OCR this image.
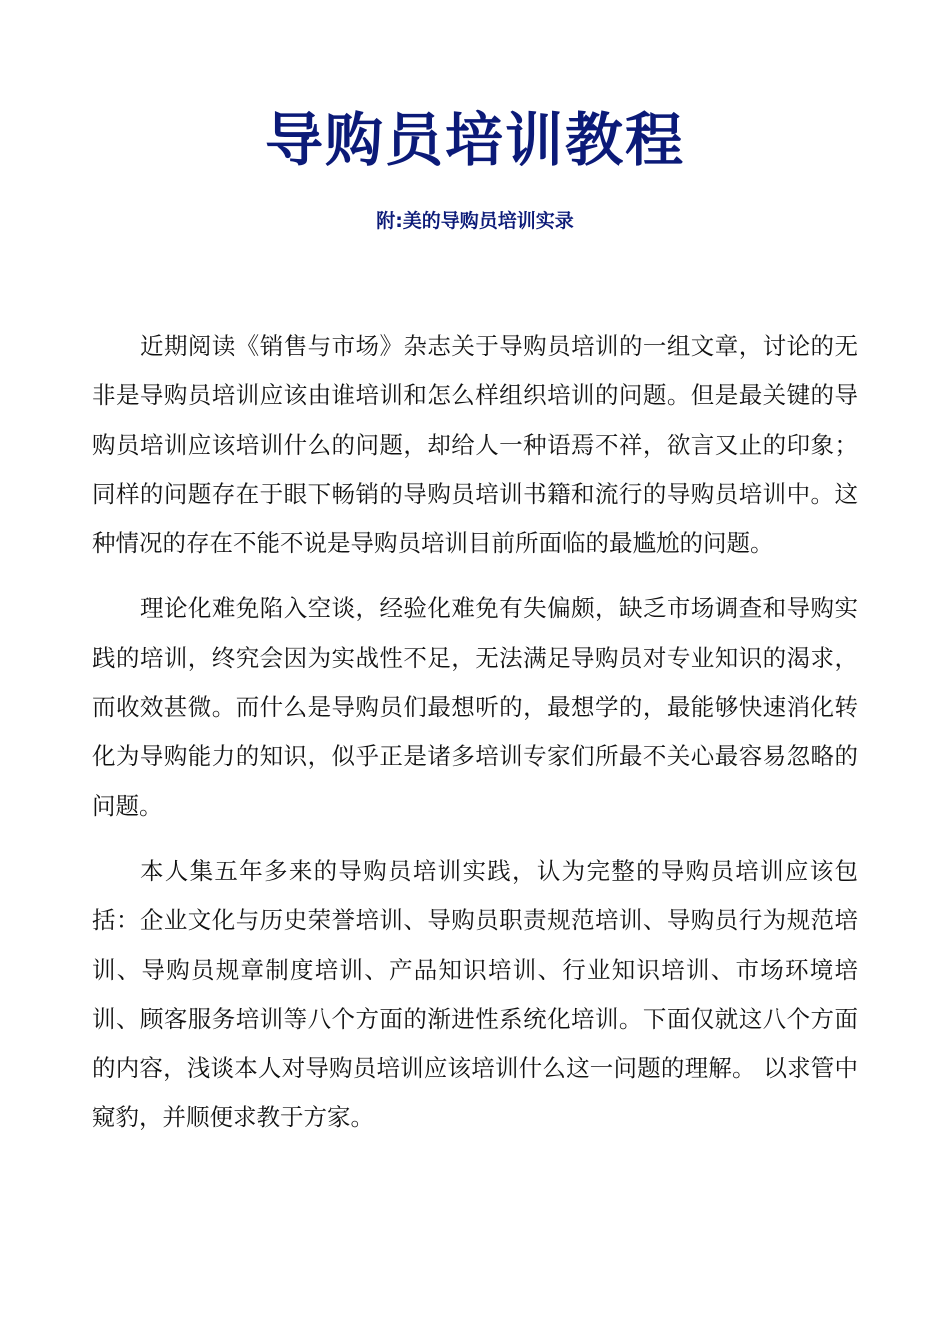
导购员培训教程
附:美的导购员培训实录

近期阅读《销售与市场》杂志关于导购员培训的一组文章，讨论的无非是导购员培训应该由谁培训和怎么样组织培训的问题。但是最关键的导购员培训应该培训什么的问题，却给人一种语焉不祥，欲言又止的印象；同样的问题存在于眼下畅销的导购员培训书籍和流行的导购员培训中。这种情况的存在不能不说是导购员培训目前所面临的最尴尬的问题。

理论化难免陷入空谈，经验化难免有失偏颇，缺乏市场调查和导购实践的培训，终究会因为实战性不足，无法满足导购员对专业知识的渴求，而收效甚微。而什么是导购员们最想听的，最想学的，最能够快速消化转化为导购能力的知识，似乎正是诸多培训专家们所最不关心最容易忽略的问题。

本人集五年多来的导购员培训实践，认为完整的导购员培训应该包括：企业文化与历史荣誉培训、导购员职责规范培训、导购员行为规范培训、导购员规章制度培训、产品知识培训、行业知识培训、市场环境培训、顾客服务培训等八个方面的渐进性系统化培训。下面仅就这八个方面的内容，浅谈本人对导购员培训应该培训什么这一问题的理解。 以求管中窥豹，并顺便求教于方家。
